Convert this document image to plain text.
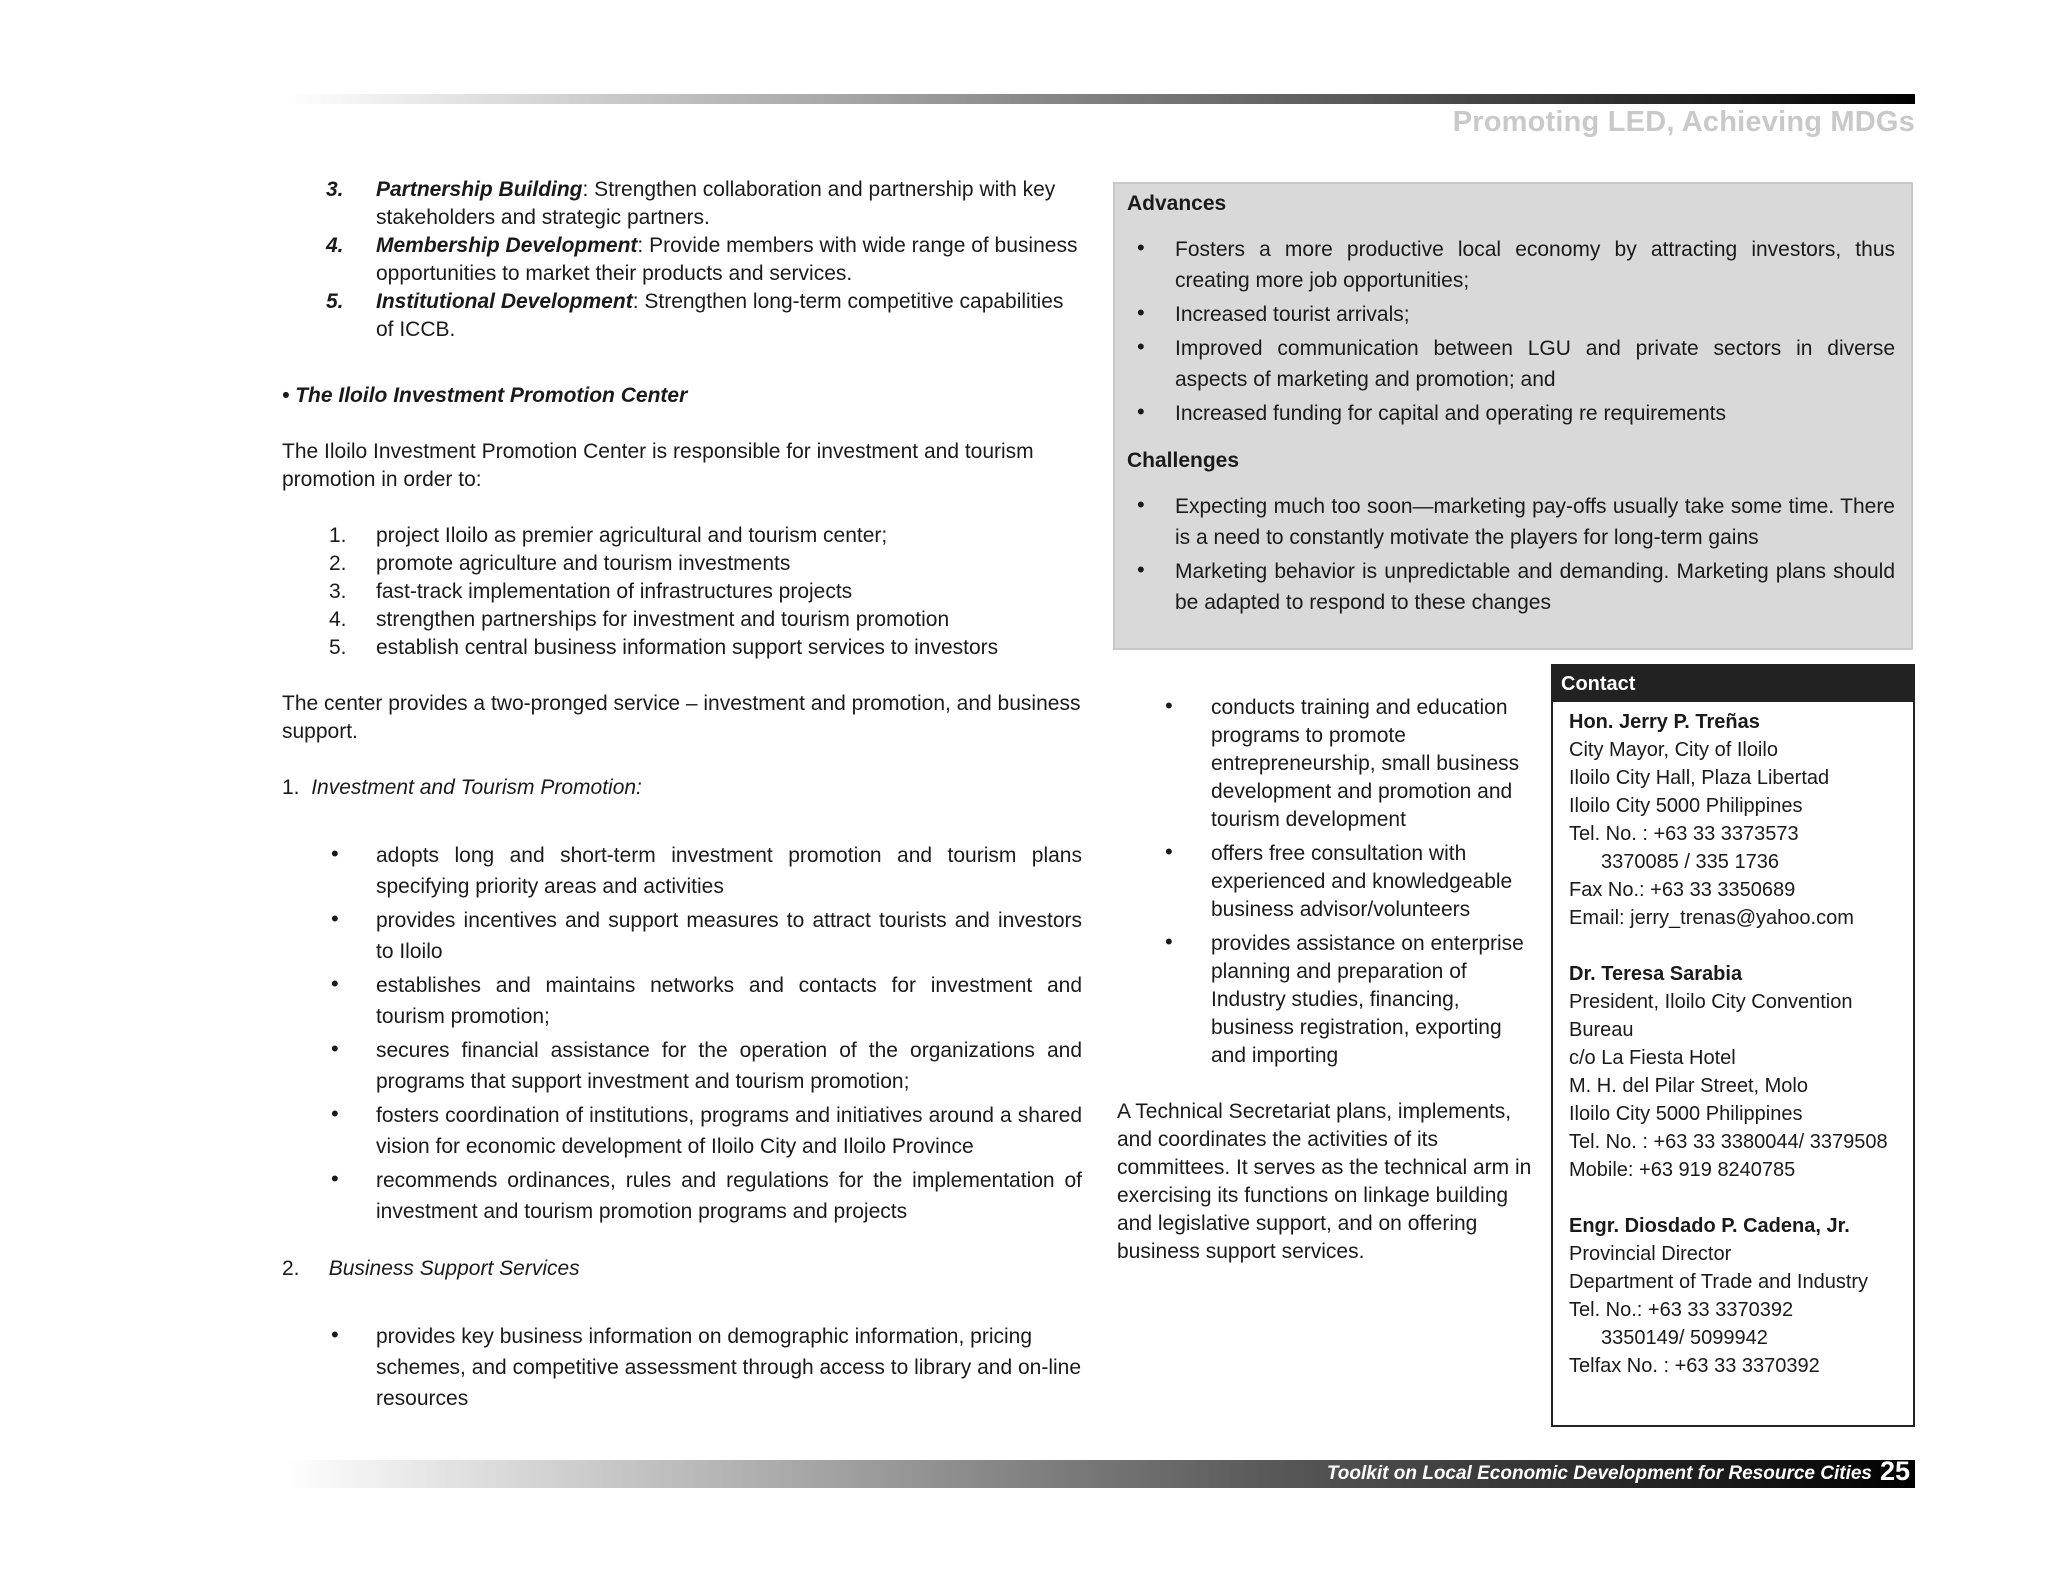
Promoting LED, Achieving MDGs
3. Partnership Building: Strengthen collaboration and partnership with key stakeholders and strategic partners.
4. Membership Development: Provide members with wide range of business opportunities to market their products and services.
5. Institutional Development: Strengthen long-term competitive capabilities of ICCB.
• The Iloilo Investment Promotion Center
The Iloilo Investment Promotion Center is responsible for investment and tourism promotion in order to:
1. project Iloilo as premier agricultural and tourism center;
2. promote agriculture and tourism investments
3. fast-track implementation of infrastructures projects
4. strengthen partnerships for investment and tourism promotion
5. establish central business information support services to investors
The center provides a two-pronged service – investment and promotion, and business support.
1. Investment and Tourism Promotion:
• adopts long and short-term investment promotion and tourism plans specifying priority areas and activities
• provides incentives and support measures to attract tourists and investors to Iloilo
• establishes and maintains networks and contacts for investment and tourism promotion;
• secures financial assistance for the operation of the organizations and programs that support investment and tourism promotion;
• fosters coordination of institutions, programs and initiatives around a shared vision for economic development of Iloilo City and Iloilo Province
• recommends ordinances, rules and regulations for the implementation of investment and tourism promotion programs and projects
2. Business Support Services
• provides key business information on demographic information, pricing schemes, and competitive assessment through access to library and on-line resources
Advances
• Fosters a more productive local economy by attracting investors, thus creating more job opportunities;
• Increased tourist arrivals;
• Improved communication between LGU and private sectors in diverse aspects of marketing and promotion; and
• Increased funding for capital and operating re requirements
Challenges
• Expecting much too soon—marketing pay-offs usually take some time. There is a need to constantly motivate the players for long-term gains
• Marketing behavior is unpredictable and demanding. Marketing plans should be adapted to respond to these changes
• conducts training and education programs to promote entrepreneurship, small business development and promotion and tourism development
• offers free consultation with experienced and knowledgeable business advisor/volunteers
• provides assistance on enterprise planning and preparation of Industry studies, financing, business registration, exporting and importing
A Technical Secretariat plans, implements, and coordinates the activities of its committees. It serves as the technical arm in exercising its functions on linkage building and legislative support, and on offering business support services.
Contact
Hon. Jerry P. Treñas
City Mayor, City of Iloilo
Iloilo City Hall, Plaza Libertad
Iloilo City 5000 Philippines
Tel. No. : +63 33 3373573
3370085 / 335 1736
Fax No.: +63 33 3350689
Email: jerry_trenas@yahoo.com
Dr. Teresa Sarabia
President, Iloilo City Convention Bureau
c/o La Fiesta Hotel
M. H. del Pilar Street, Molo
Iloilo City 5000 Philippines
Tel. No. : +63 33 3380044/ 3379508
Mobile: +63 919 8240785
Engr. Diosdado P. Cadena, Jr.
Provincial Director
Department of Trade and Industry
Tel. No.: +63 33 3370392
3350149/ 5099942
Telfax No. : +63 33 3370392
Toolkit on Local Economic Development for Resource Cities 25
